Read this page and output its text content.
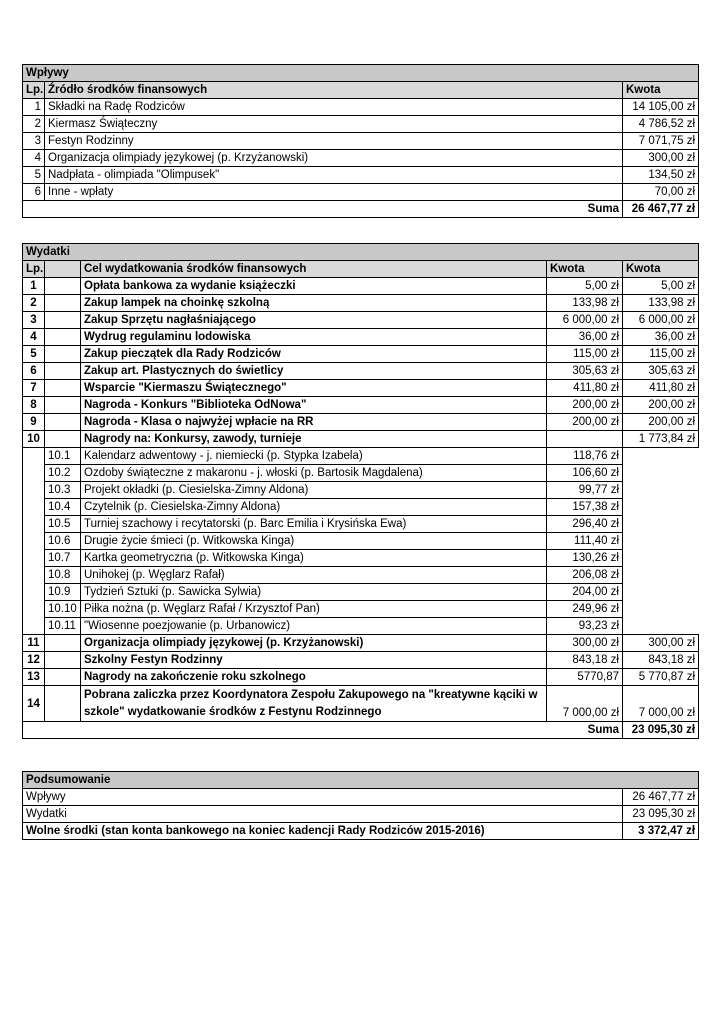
Wpływy		
Lp.	Źródło środków finansowych	Kwota
1	Składki na Radę Rodziców	14 105,00 zł
2	Kiermasz Świąteczny	4 786,52 zł
3	Festyn Rodzinny	7 071,75 zł
4	Organizacja olimpiady językowej (p. Krzyżanowski)	300,00 zł
5	Nadpłata - olimpiada "Olimpusek"	134,50 zł
6	Inne - wpłaty	70,00 zł
	Suma	26 467,77 zł
Wydatki				
Lp.		Cel wydatkowania środków finansowych	Kwota	Kwota
1		Opłata bankowa za wydanie książeczki	5,00 zł	5,00 zł
2		Zakup lampek na choinkę szkolną	133,98 zł	133,98 zł
3		Zakup Sprzętu nagłaśniającego	6 000,00 zł	6 000,00 zł
4		Wydrug regulaminu lodowiska	36,00 zł	36,00 zł
5		Zakup pieczątek dla Rady Rodziców	115,00 zł	115,00 zł
6		Zakup art. Plastycznych do świetlicy	305,63 zł	305,63 zł
7		Wsparcie "Kiermaszu Świątecznego"	411,80 zł	411,80 zł
8		Nagroda - Konkurs "Biblioteka OdNowa"	200,00 zł	200,00 zł
9		Nagroda - Klasa o najwyżej wpłacie na RR	200,00 zł	200,00 zł
10		Nagrody na: Konkursy, zawody, turnieje		1 773,84 zł
	10.1	Kalendarz adwentowy - j. niemiecki (p. Stypka Izabela)	118,76 zł	
	10.2	Ozdoby świąteczne z makaronu - j. włoski (p. Bartosik Magdalena)	106,60 zł	
	10.3	Projekt okładki (p. Ciesielska-Zimny Aldona)	99,77 zł	
	10.4	Czytelnik (p. Ciesielska-Zimny Aldona)	157,38 zł	
	10.5	Turniej szachowy i recytatorski (p. Barc Emilia i Krysińska Ewa)	296,40 zł	
	10.6	Drugie życie śmieci (p. Witkowska Kinga)	111,40 zł	
	10.7	Kartka geometryczna (p. Witkowska Kinga)	130,26 zł	
	10.8	Unihokej (p. Węglarz Rafał)	206,08 zł	
	10.9	Tydzień Sztuki (p. Sawicka Sylwia)	204,00 zł	
	10.10	Piłka nożna (p. Węglarz Rafał / Krzysztof Pan)	249,96 zł	
	10.11	"Wiosenne poezjowanie (p. Urbanowicz)	93,23 zł	
11		Organizacja olimpiady językowej (p. Krzyżanowski)	300,00 zł	300,00 zł
12		Szkolny Festyn Rodzinny	843,18 zł	843,18 zł
13		Nagrody na zakończenie roku szkolnego	5770,87	5 770,87 zł
14		Pobrana zaliczka przez Koordynatora Zespołu Zakupowego na "kreatywne kąciki w szkole" wydatkowanie środków z Festynu Rodzinnego	7 000,00 zł	7 000,00 zł
Suma				23 095,30 zł
Podsumowanie	
Wpływy	26 467,77 zł
Wydatki	23 095,30 zł
Wolne środki (stan konta bankowego na koniec kadencji Rady Rodziców 2015-2016)	3 372,47 zł
